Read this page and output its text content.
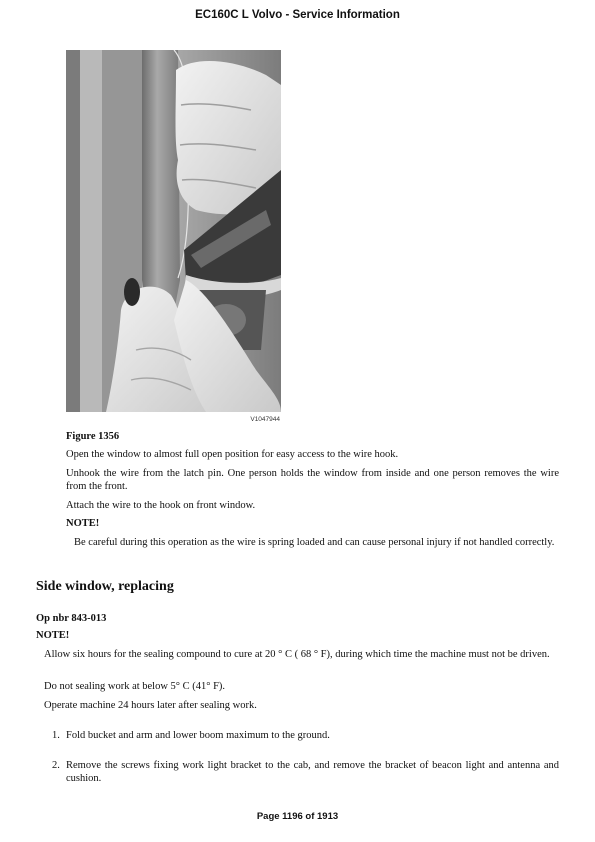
EC160C L Volvo - Service Information
V1047944
Figure 1356
Open the window to almost full open position for easy access to the wire hook.
Unhook the wire from the latch pin. One person holds the window from inside and one person removes the wire from the front.
Attach the wire to the hook on front window.
NOTE!
Be careful during this operation as the wire is spring loaded and can cause personal injury if not handled correctly.
Side window, replacing
Op nbr 843-013
NOTE!
Allow six hours for the sealing compound to cure at 20 ° C ( 68 ° F), during which time the machine must not be driven.
Do not sealing work at below 5° C (41° F).
Operate machine 24 hours later after sealing work.
1. Fold bucket and arm and lower boom maximum to the ground.
2. Remove the screws fixing work light bracket to the cab, and remove the bracket of beacon light and antenna and cushion.
Page 1196 of 1913
